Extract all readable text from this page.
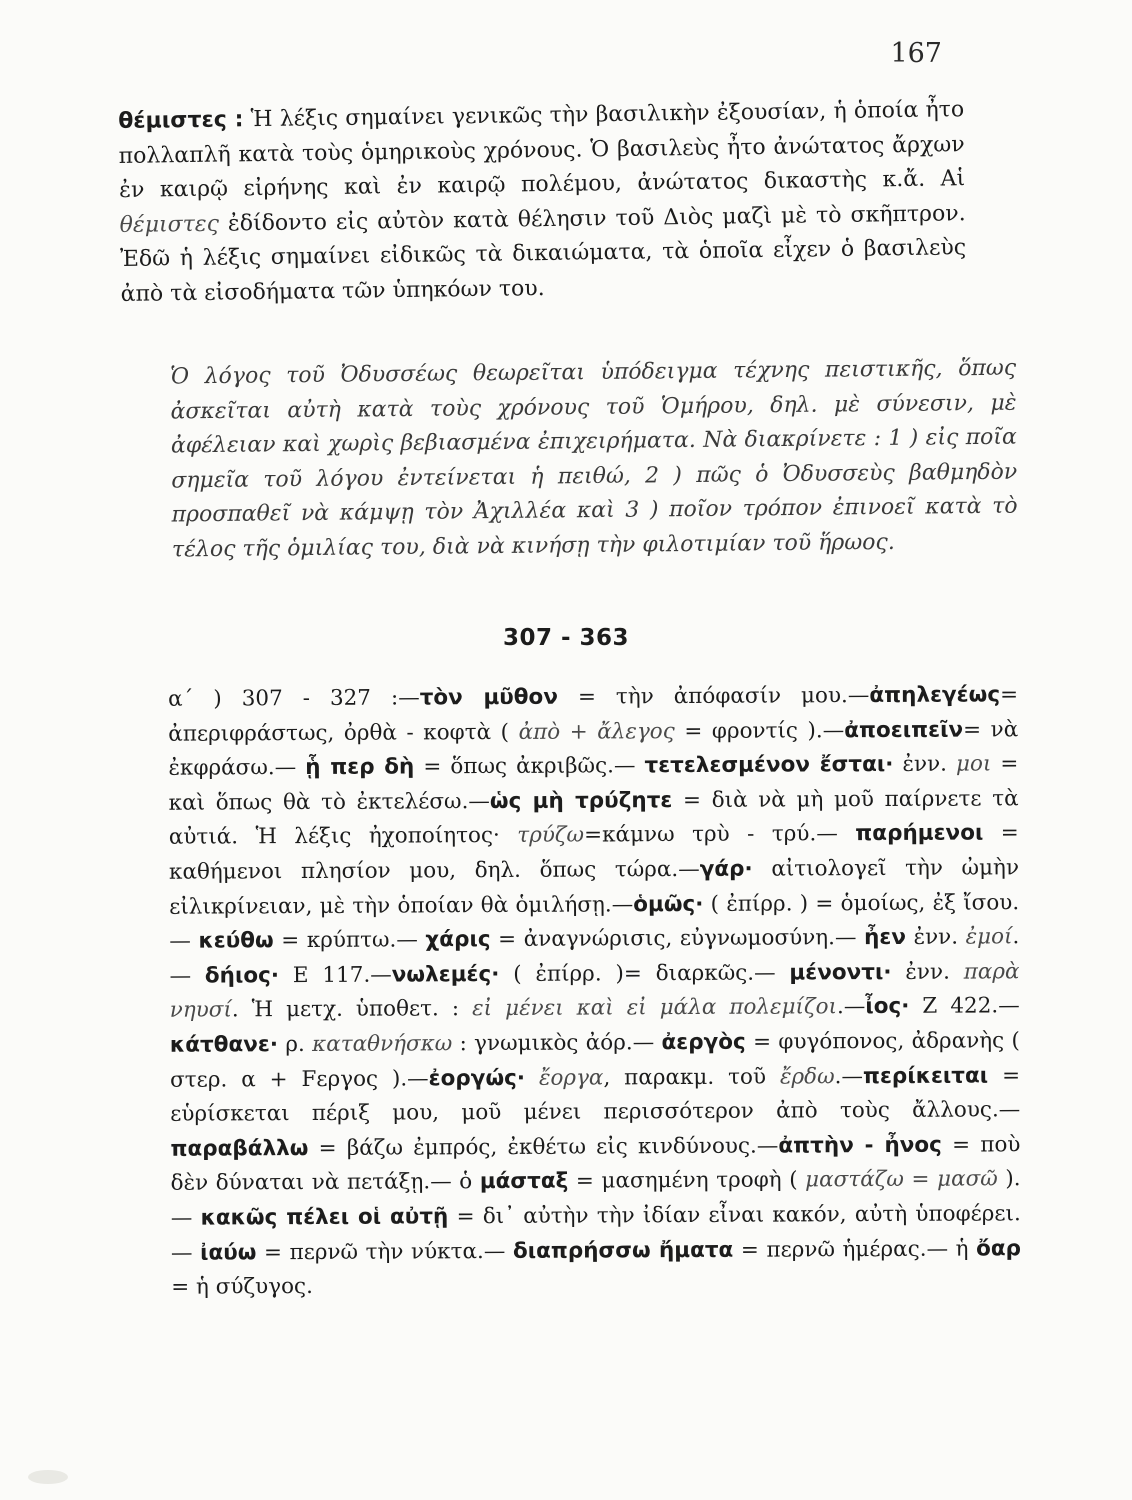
167
θέμιστες : Ἡ λέξις σημαίνει γενικῶς τὴν βασιλικὴν ἐξουσίαν, ἡ ὁποία ἦτο πολλαπλῆ κατὰ τοὺς ὁμηρικοὺς χρόνους. Ὁ βασιλεὺς ἦτο ἀνώτατος ἄρχων ἐν καιρῷ εἰρήνης καὶ ἐν καιρῷ πολέμου, ἀνώτατος δικαστὴς κ.ἄ. Αἱ θέμιστες ἐδίδοντο εἰς αὐτὸν κατὰ θέλησιν τοῦ Διὸς μαζὶ μὲ τὸ σκῆπτρον. Ἐδῶ ἡ λέξις σημαίνει εἰδικῶς τὰ δικαιώματα, τὰ ὁποῖα εἶχεν ὁ βασιλεὺς ἀπὸ τὰ εἰσοδήματα τῶν ὑπηκόων του.
Ὁ λόγος τοῦ Ὀδυσσέως θεωρεῖται ὑπόδειγμα τέχνης πειστικῆς, ὅπως ἀσκεῖται αὐτὴ κατὰ τοὺς χρόνους τοῦ Ὁμήρου, δηλ. μὲ σύνεσιν, μὲ ἀφέλειαν καὶ χωρὶς βεβιασμένα ἐπιχειρήματα. Νὰ διακρίνετε : 1 ) εἰς ποῖα σημεῖα τοῦ λόγου ἐντείνεται ἡ πειθώ, 2 ) πῶς ὁ Ὀδυσσεὺς βαθμηδὸν προσπαθεῖ νὰ κάμψῃ τὸν Ἀχιλλέα καὶ 3 ) ποῖον τρόπον ἐπινοεῖ κατὰ τὸ τέλος τῆς ὁμιλίας του, διὰ νὰ κινήσῃ τὴν φιλοτιμίαν τοῦ ἥρωος.
307 - 363
α΄ ) 307 - 327 :—τὸν μῦθον = τὴν ἀπόφασίν μου.—ἀπηλεγέως= ἀπεριφράστως, ὀρθὰ - κοφτὰ ( ἀπὸ + ἄλεγος = φροντίς ).—ἀποειπεῖν= νὰ ἐκφράσω.— ᾗ περ δὴ = ὅπως ἀκριβῶς.— τετελεσμένον ἔσται· ἐνν. μοι = καὶ ὅπως θὰ τὸ ἐκτελέσω.—ὡς μὴ τρύζητε = διὰ νὰ μὴ μοῦ παίρνετε τὰ αὐτιά. Ἡ λέξις ἠχοποίητος· τρύζω=κάμνω τρὺ - τρύ.— παρήμενοι = καθήμενοι πλησίον μου, δηλ. ὅπως τώρα.—γάρ· αἰτιολογεῖ τὴν ὠμὴν εἰλικρίνειαν, μὲ τὴν ὁποίαν θὰ ὁμιλήσῃ.—ὁμῶς· ( ἐπίρρ. ) = ὁμοίως, ἐξ ἴσου. — κεύθω = κρύπτω.— χάρις = ἀναγνώρισις, εὐγνωμοσύνη.— ἦεν ἐνν. ἐμοί.— δήιος· Ε 117.—νωλεμές· ( ἐπίρρ. )= διαρκῶς.— μένοντι· ἐνν. παρὰ νηυσί. Ἡ μετχ. ὑποθετ. : εἰ μένει καὶ εἰ μάλα πολεμίζοι.—ἶος· Ζ 422.— κάτθανε· ρ. καταθνήσκω : γνωμικὸς ἀόρ.— ἀεργὸς = φυγόπονος, ἀδρανὴς ( στερ. α + Fεργος ).—ἐοργώς· ἔοργα, παρακμ. τοῦ ἔρδω.—περίκειται = εὑρίσκεται πέριξ μου, μοῦ μένει περισσότερον ἀπὸ τοὺς ἄλλους.—παραβάλλω = βάζω ἐμπρός, ἐκθέτω εἰς κινδύνους.—ἀπτὴν - ἦνος = ποὺ δὲν δύναται νὰ πετάξῃ.— ὁ μάσταξ = μασημένη τροφὴ ( μαστάζω = μασῶ ).— κακῶς πέλει οἱ αὐτῇ = δι᾿ αὐτὴν τὴν ἰδίαν εἶναι κακόν, αὐτὴ ὑποφέρει.— ἰαύω = περνῶ τὴν νύκτα.— διαπρήσσω ἤματα = περνῶ ἡμέρας.— ἡ ὄαρ = ἡ σύζυγος.
